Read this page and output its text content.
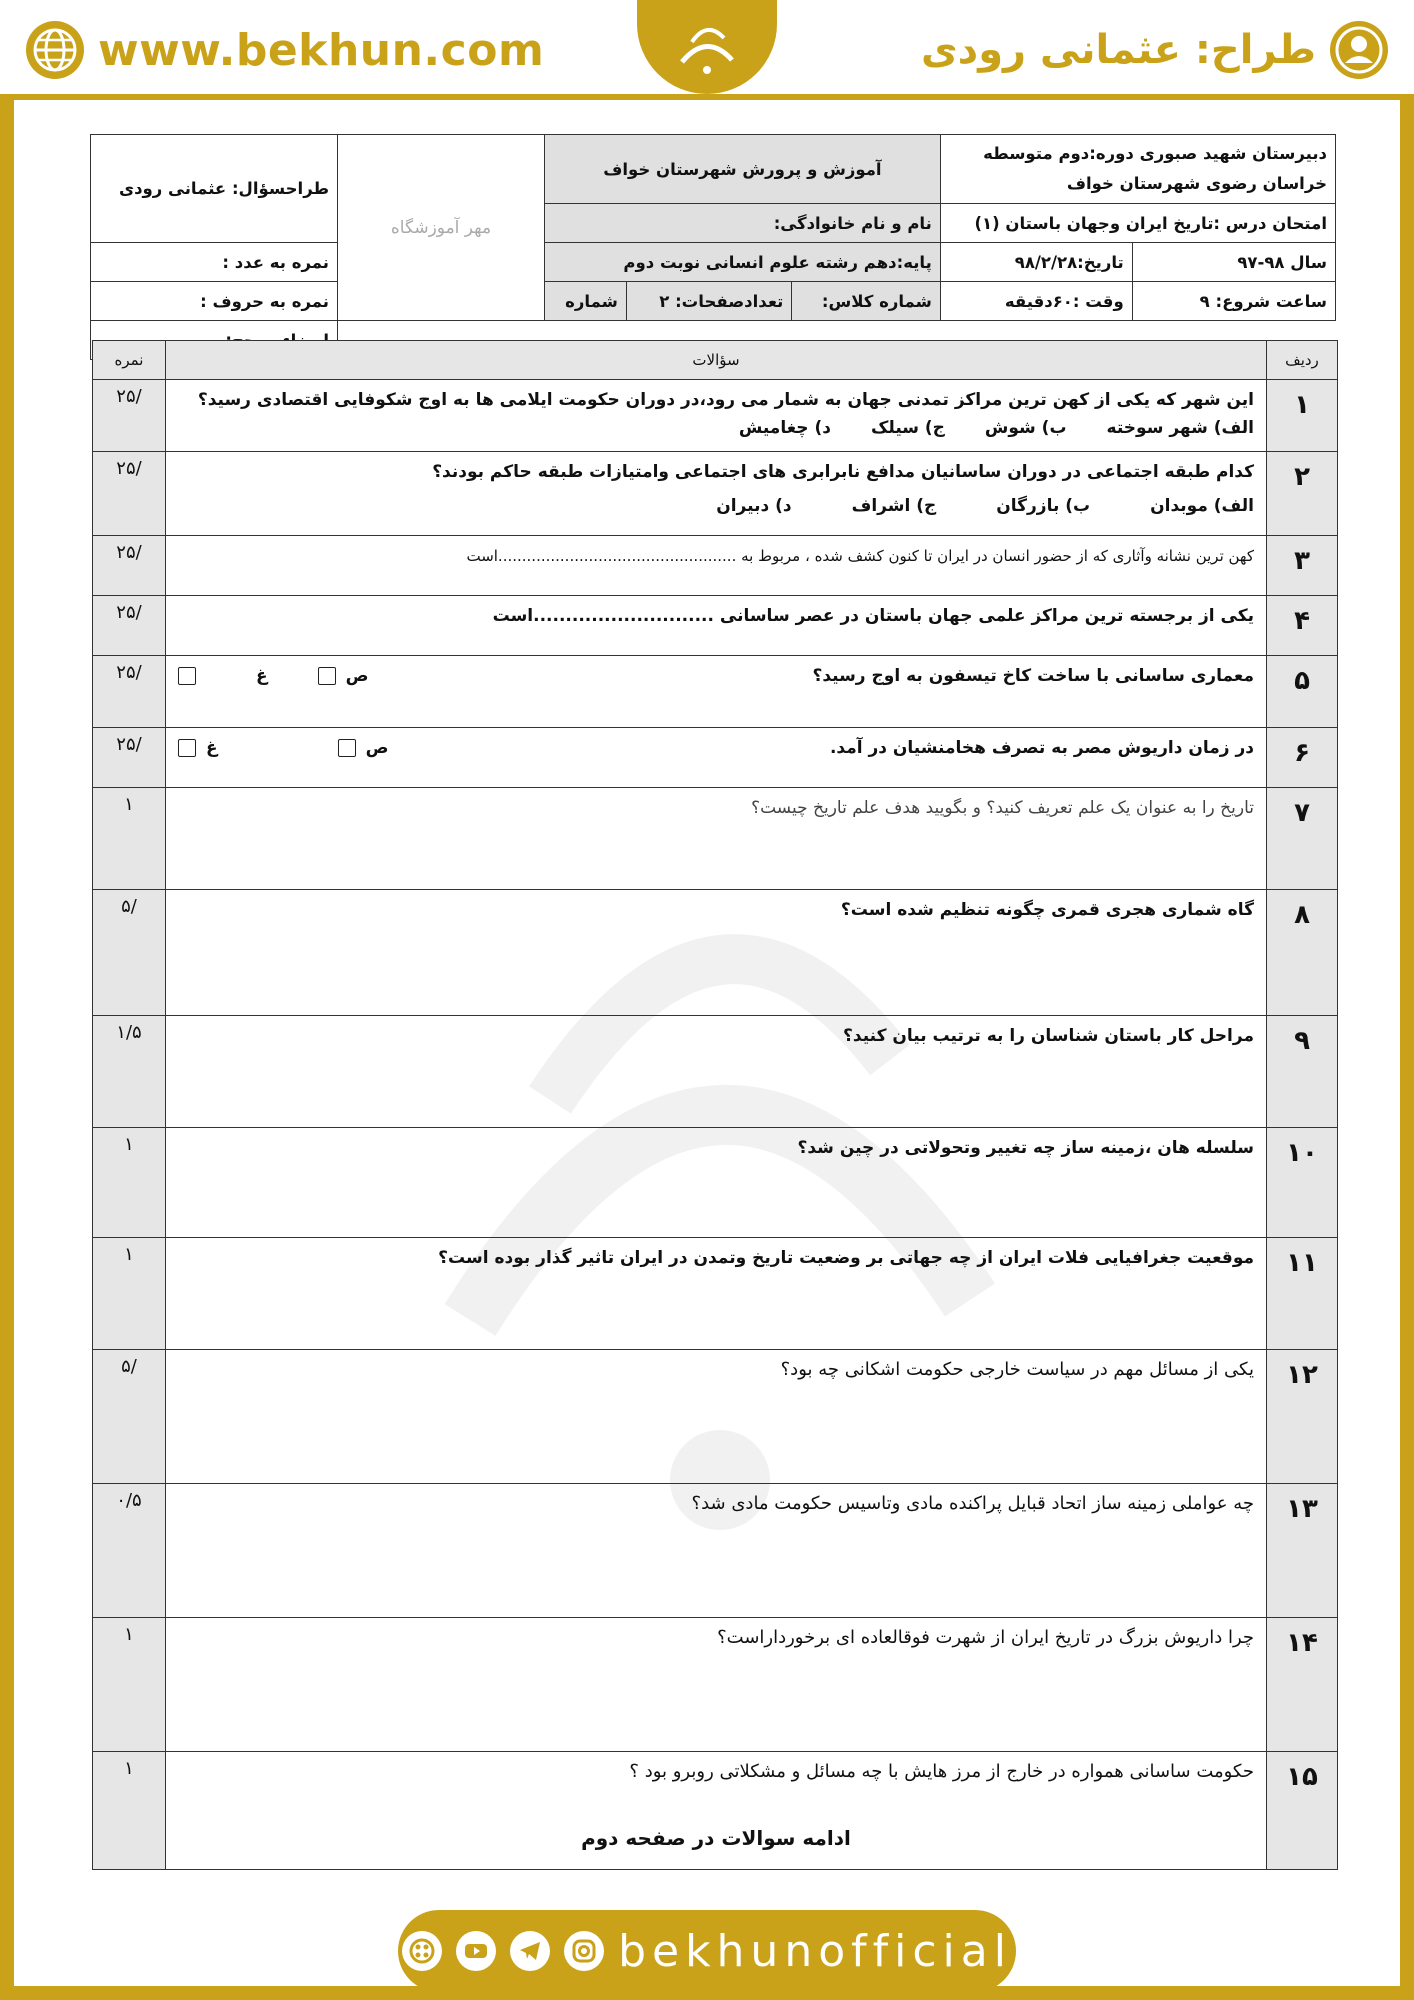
www.bekhun.com	طراح: عثمانی رودی
دبیرستان شهید صبوری دوره:دوم متوسطه
خراسان رضوی شهرستان خواف		آموزش و پرورش شهرستان خواف			مهر آموزشگاه	طراحسؤال: عثمانی رودی
امتحان درس :تاریخ ایران وجهان باستان (۱)		نام و نام خانوادگی:				
سال ۹۸-۹۷	تاریخ:۹۸/۲/۲۸	پایه:دهم رشته علوم انسانی نوبت دوم				نمره به عدد :
ساعت شروع: ۹	وقت :۶۰دقیقه	شماره کلاس:	تعدادصفحات: ۲	شماره		نمره به حروف :

ردیف	سؤالات	نمره
۱	این شهر که یکی از کهن ترین مراکز تمدنی جهان به شمار می رود،در دوران حکومت ایلامی ها به اوج شکوفایی اقتصادی رسید؟
الف) شهر سوخته
ب) شوش
ج) سیلک
د) چغامیش	/۲۵
۲	کدام طبقه اجتماعی در دوران ساسانیان مدافع نابرابری های اجتماعی وامتیازات طبقه حاکم بودند؟
الف) موبدان
ب) بازرگان
ج) اشراف
د) دبیران	/۲۵
۳	کهن ترین نشانه وآثاری که از حضور انسان در ایران تا کنون کشف شده ، مربوط به ..................................................است	/۲۵
۴	یکی از برجسته ترین مراکز علمی جهان باستان در عصر ساسانی ............................است	/۲۵
۵	معماری ساسانی با ساخت کاخ تیسفون به اوج رسید؟
ص
غ	/۲۵
۶	در زمان داریوش مصر به تصرف هخامنشیان در آمد.
ص
غ	/۲۵
۷	تاریخ را به عنوان یک علم تعریف کنید؟ و بگویید هدف علم تاریخ چیست؟	۱
۸	گاه شماری هجری قمری چگونه تنظیم شده است؟	/۵
۹	مراحل کار باستان شناسان را به ترتیب بیان کنید؟	۱/۵
۱۰	سلسله هان ،زمینه ساز چه تغییر وتحولاتی در چین شد؟	۱
۱۱	موقعیت جغرافیایی فلات ایران از چه جهاتی بر وضعیت تاریخ وتمدن در ایران تاثیر گذار بوده است؟	۱
۱۲	یکی از مسائل مهم در سیاست خارجی حکومت اشکانی چه بود؟	/۵
۱۳	چه عواملی زمینه ساز اتحاد قبایل پراکنده مادی وتاسیس حکومت مادی شد؟	۰/۵
۱۴	چرا داریوش بزرگ در تاریخ ایران از شهرت فوقالعاده ای برخورداراست؟	۱
۱۵	حکومت ساسانی همواره در خارج از مرز هایش با چه مسائل و مشکلاتی روبرو بود ؟
ادامه سوالات در صفحه دوم	۱
bekhunofficial
